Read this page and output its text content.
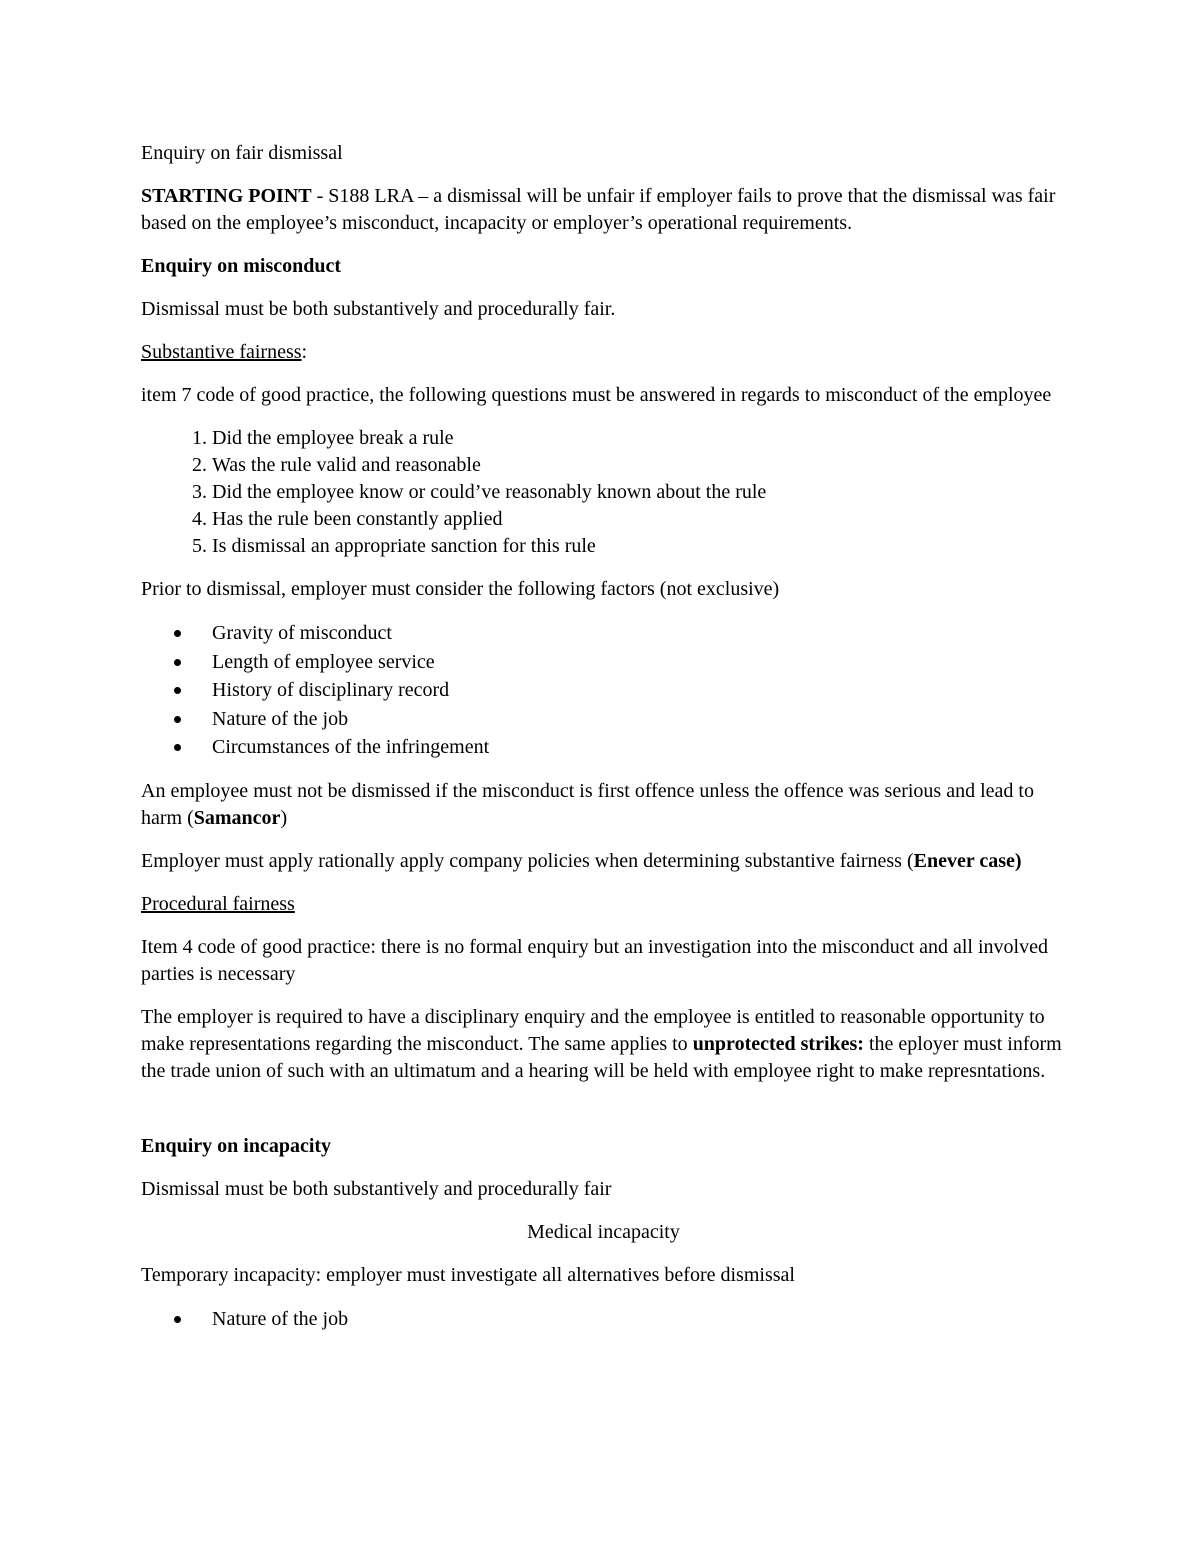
Enquiry on fair dismissal

STARTING POINT - S188 LRA – a dismissal will be unfair if employer fails to prove that the dismissal was fair based on the employee’s misconduct, incapacity or employer’s operational requirements.

Enquiry on misconduct

Dismissal must be both substantively and procedurally fair.

Substantive fairness:

item 7 code of good practice, the following questions must be answered in regards to misconduct of the employee

1. Did the employee break a rule
2. Was the rule valid and reasonable
3. Did the employee know or could’ve reasonably known about the rule
4. Has the rule been constantly applied
5. Is dismissal an appropriate sanction for this rule

Prior to dismissal, employer must consider the following factors (not exclusive)

Gravity of misconduct
Length of employee service
History of disciplinary record
Nature of the job
Circumstances of the infringement

An employee must not be dismissed if the misconduct is first offence unless the offence was serious and lead to harm (Samancor)

Employer must apply rationally apply company policies when determining substantive fairness (Enever case)

Procedural fairness

Item 4 code of good practice: there is no formal enquiry but an investigation into the misconduct and all involved parties is necessary

The employer is required to have a disciplinary enquiry and the employee is entitled to reasonable opportunity to make representations regarding the misconduct. The same applies to unprotected strikes: the eployer must inform the trade union of such with an ultimatum and a hearing will be held with employee right to make represntations.

Enquiry on incapacity

Dismissal must be both substantively and procedurally fair

Medical incapacity

Temporary incapacity: employer must investigate all alternatives before dismissal

Nature of the job
